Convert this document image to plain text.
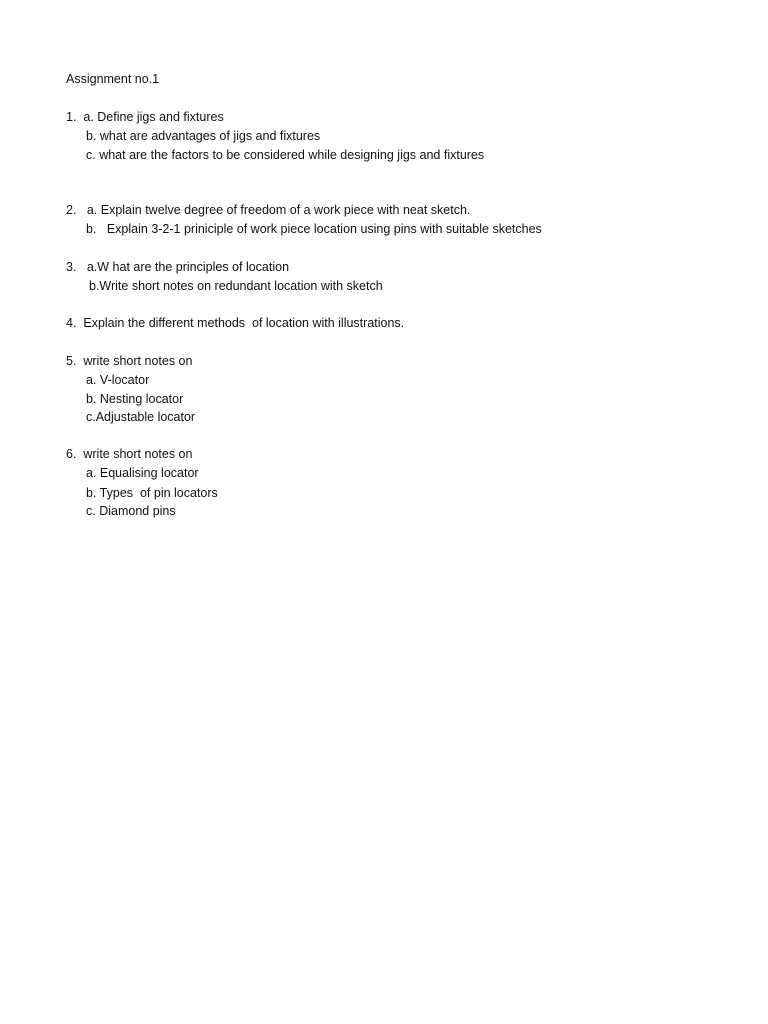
Assignment no.1
1.  a. Define jigs and fixtures
b. what are advantages of jigs and fixtures
c. what are the factors to be considered while designing jigs and fixtures
2.   a. Explain twelve degree of freedom of a work piece with neat sketch.
b.   Explain 3-2-1 priniciple of work piece location using pins with suitable sketches
3.   a.W hat are the principles of location
b.Write short notes on redundant location with sketch
4.  Explain the different methods  of location with illustrations.
5.  write short notes on
a. V-locator
b. Nesting locator
c.Adjustable locator
6.  write short notes on
a. Equalising locator
b. Types  of pin locators
c. Diamond pins
